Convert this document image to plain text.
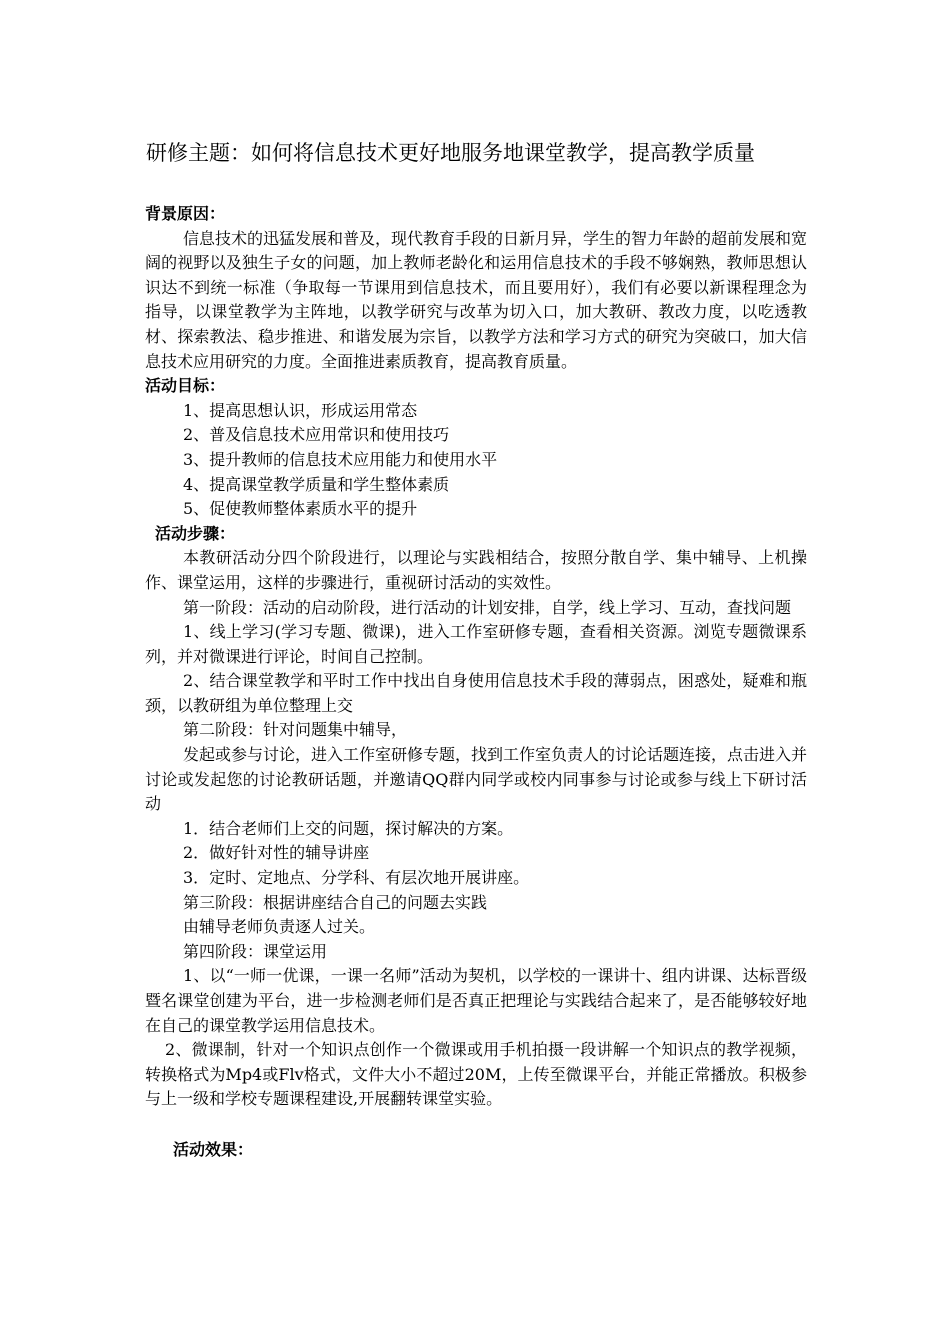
研修主题：如何将信息技术更好地服务地课堂教学，提高教学质量

背景原因：

信息技术的迅猛发展和普及，现代教育手段的日新月异，学生的智力年龄的超前发展和宽阔的视野以及独生子女的问题，加上教师老龄化和运用信息技术的手段不够娴熟，教师思想认识达不到统一标准（争取每一节课用到信息技术，而且要用好），我们有必要以新课程理念为指导，以课堂教学为主阵地，以教学研究与改革为切入口，加大教研、教改力度，以吃透教材、探索教法、稳步推进、和谐发展为宗旨，以教学方法和学习方式的研究为突破口，加大信息技术应用研究的力度。全面推进素质教育，提高教育质量。

活动目标：

1、提高思想认识，形成运用常态

2、普及信息技术应用常识和使用技巧

3、提升教师的信息技术应用能力和使用水平

4、提高课堂教学质量和学生整体素质

5、促使教师整体素质水平的提升

活动步骤：

本教研活动分四个阶段进行，以理论与实践相结合，按照分散自学、集中辅导、上机操作、课堂运用，这样的步骤进行，重视研讨活动的实效性。

第一阶段：活动的启动阶段，进行活动的计划安排，自学，线上学习、互动，查找问题

1、线上学习(学习专题、微课)，进入工作室研修专题，查看相关资源。浏览专题微课系列，并对微课进行评论，时间自己控制。

2、结合课堂教学和平时工作中找出自身使用信息技术手段的薄弱点，困惑处，疑难和瓶颈，以教研组为单位整理上交

第二阶段：针对问题集中辅导，

发起或参与讨论，进入工作室研修专题，找到工作室负责人的讨论话题连接，点击进入并讨论或发起您的讨论教研话题，并邀请QQ群内同学或校内同事参与讨论或参与线上下研讨活动

1．结合老师们上交的问题，探讨解决的方案。

2．做好针对性的辅导讲座

3．定时、定地点、分学科、有层次地开展讲座。

第三阶段：根据讲座结合自己的问题去实践

由辅导老师负责逐人过关。

第四阶段：课堂运用

1、以“一师一优课，一课一名师”活动为契机，以学校的一课讲十、组内讲课、达标晋级暨名课堂创建为平台，进一步检测老师们是否真正把理论与实践结合起来了，是否能够较好地在自己的课堂教学运用信息技术。

2、微课制，针对一个知识点创作一个微课或用手机拍摄一段讲解一个知识点的教学视频，转换格式为Mp4或Flv格式，文件大小不超过20M，上传至微课平台，并能正常播放。积极参与上一级和学校专题课程建设,开展翻转课堂实验。

活动效果：
